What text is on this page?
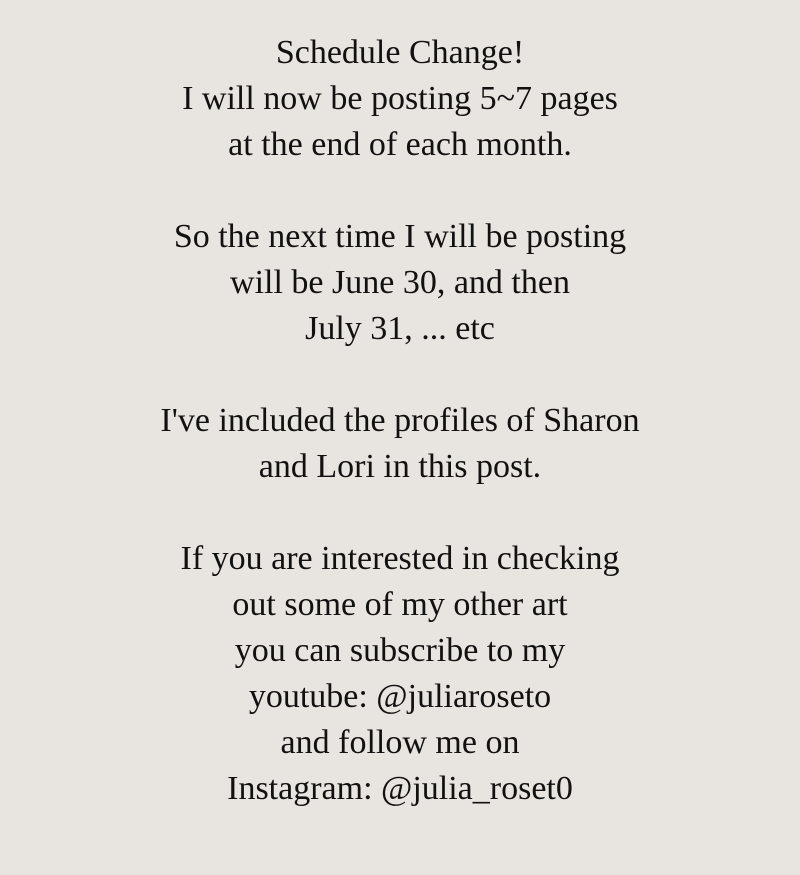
Schedule Change!
I will now be posting 5~7 pages
at the end of each month.
So the next time I will be posting
will be June 30, and then
July 31, ... etc
I've included the profiles of Sharon
and Lori in this post.
If you are interested in checking
out some of my other art
you can subscribe to my
youtube: @juliaroseto
and follow me on
Instagram: @julia_roset0
